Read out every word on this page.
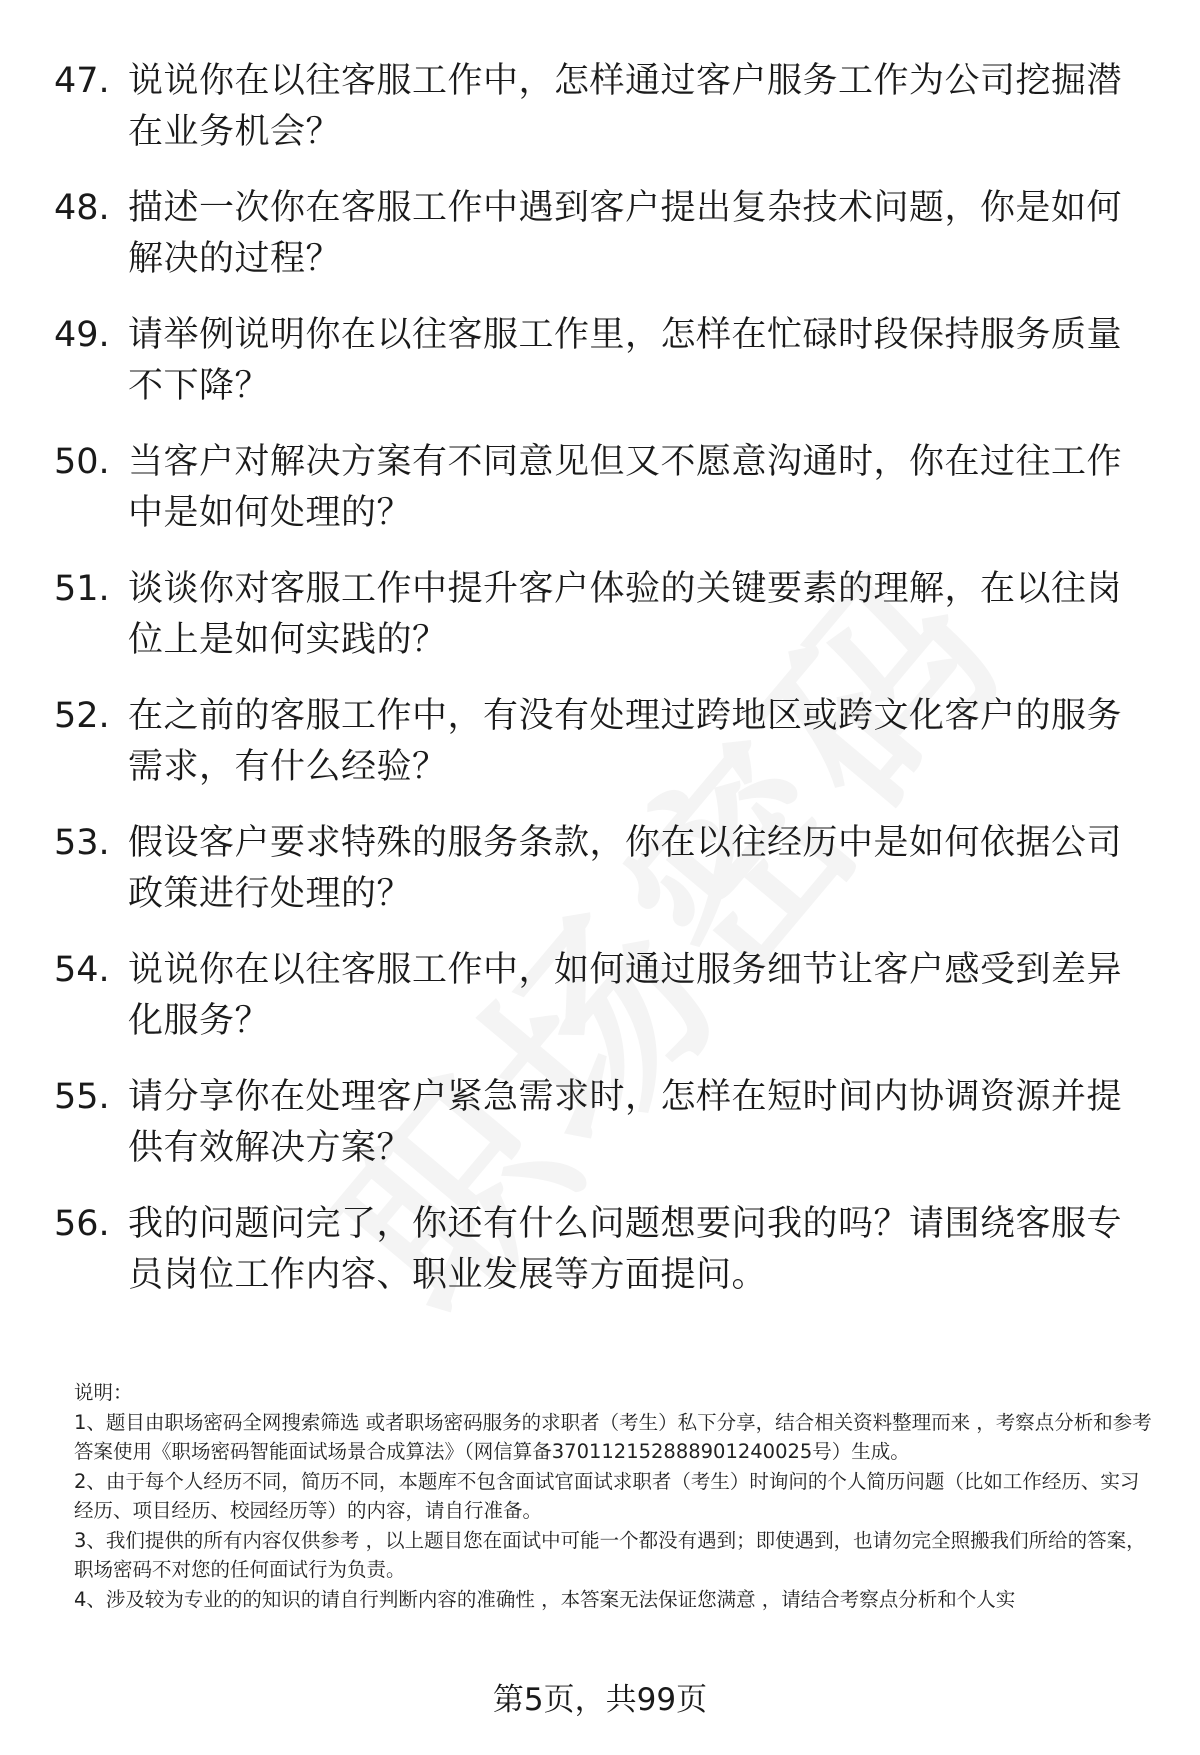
47. 说说你在以往客服工作中，怎样通过客户服务工作为公司挖掘潜在业务机会？
48. 描述一次你在客服工作中遇到客户提出复杂技术问题，你是如何解决的过程？
49. 请举例说明你在以往客服工作里，怎样在忙碌时段保持服务质量不下降？
50. 当客户对解决方案有不同意见但又不愿意沟通时，你在过往工作中是如何处理的？
51. 谈谈你对客服工作中提升客户体验的关键要素的理解，在以往岗位上是如何实践的？
52. 在之前的客服工作中，有没有处理过跨地区或跨文化客户的服务需求，有什么经验？
53. 假设客户要求特殊的服务条款，你在以往经历中是如何依据公司政策进行处理的？
54. 说说你在以往客服工作中，如何通过服务细节让客户感受到差异化服务？
55. 请分享你在处理客户紧急需求时，怎样在短时间内协调资源并提供有效解决方案？
56. 我的问题问完了，你还有什么问题想要问我的吗？请围绕客服专员岗位工作内容、职业发展等方面提问。

说明：

1、题目由职场密码全网搜索筛选 或者职场密码服务的求职者（考生）私下分享，结合相关资料整理而来 ，考察点分析和参考答案使用《职场密码智能面试场景合成算法》（网信算备370112152888901240025号）生成。

2、由于每个人经历不同，简历不同，本题库不包含面试官面试求职者（考生）时询问的个人简历问题（比如工作经历、实习经历、项目经历、校园经历等）的内容，请自行准备。

3、我们提供的所有内容仅供参考 ，以上题目您在面试中可能一个都没有遇到；即使遇到，也请勿完全照搬我们所给的答案，职场密码不对您的任何面试行为负责。

4、涉及较为专业的的知识的请自行判断内容的准确性 ，本答案无法保证您满意 ，请结合考察点分析和个人实

第5页，共99页
